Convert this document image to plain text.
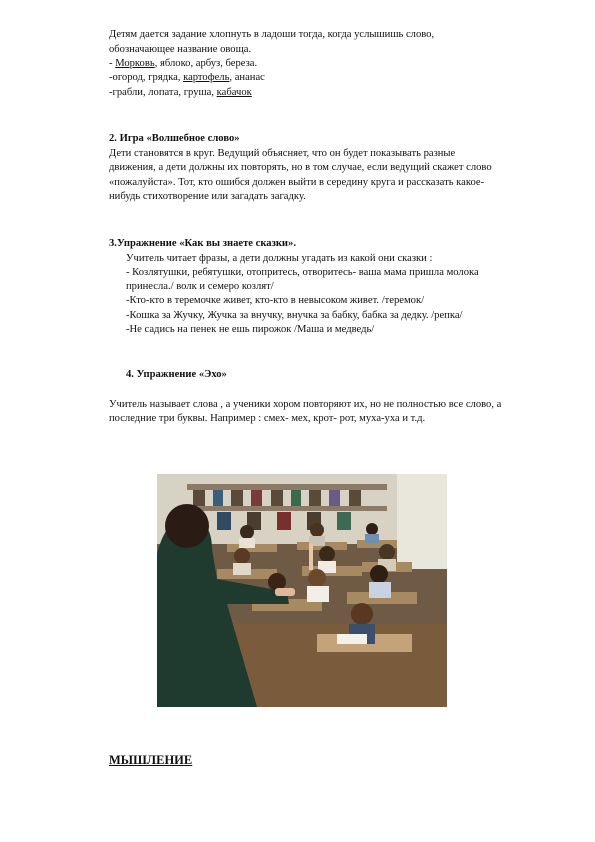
Детям дается задание хлопнуть в ладоши тогда, когда услышишь слово,
обозначающее название овоща.
- Морковь, яблоко, арбуз, береза.
-огород, грядка, картофель, ананас
-грабли, лопата, груша, кабачок
2. Игра «Волшебное слово»
Дети становятся в круг. Ведущий объясняет, что он будет показывать разные
движения, а дети должны их повторять, но в том случае, если ведущий скажет слово
«пожалуйста». Тот, кто ошибся должен выйти в середину круга и рассказать какое-
нибудь стихотворение или загадать загадку.
3.Упражнение «Как вы знаете сказки».
Учитель читает фразы, а дети должны угадать из какой они сказки :
- Козлятушки, ребятушки, отопритесь, отворитесь- ваша мама пришла молока
принесла./ волк и семеро козлят/
-Кто-кто в теремочке живет, кто-кто в невысоком живет. /теремок/
-Кошка за Жучку, Жучка за внучку, внучка за бабку, бабка за дедку. /репка/
-Не садись на пенек не ешь пирожок /Маша и медведь/
4. Упражнение «Эхо»
Учитель называет слова , а ученики хором повторяют их, но не полностью все слово, а
последние три буквы. Например : смех- мех, крот- рот, муха-уха и т.д.
МЫШЛЕНИЕ
